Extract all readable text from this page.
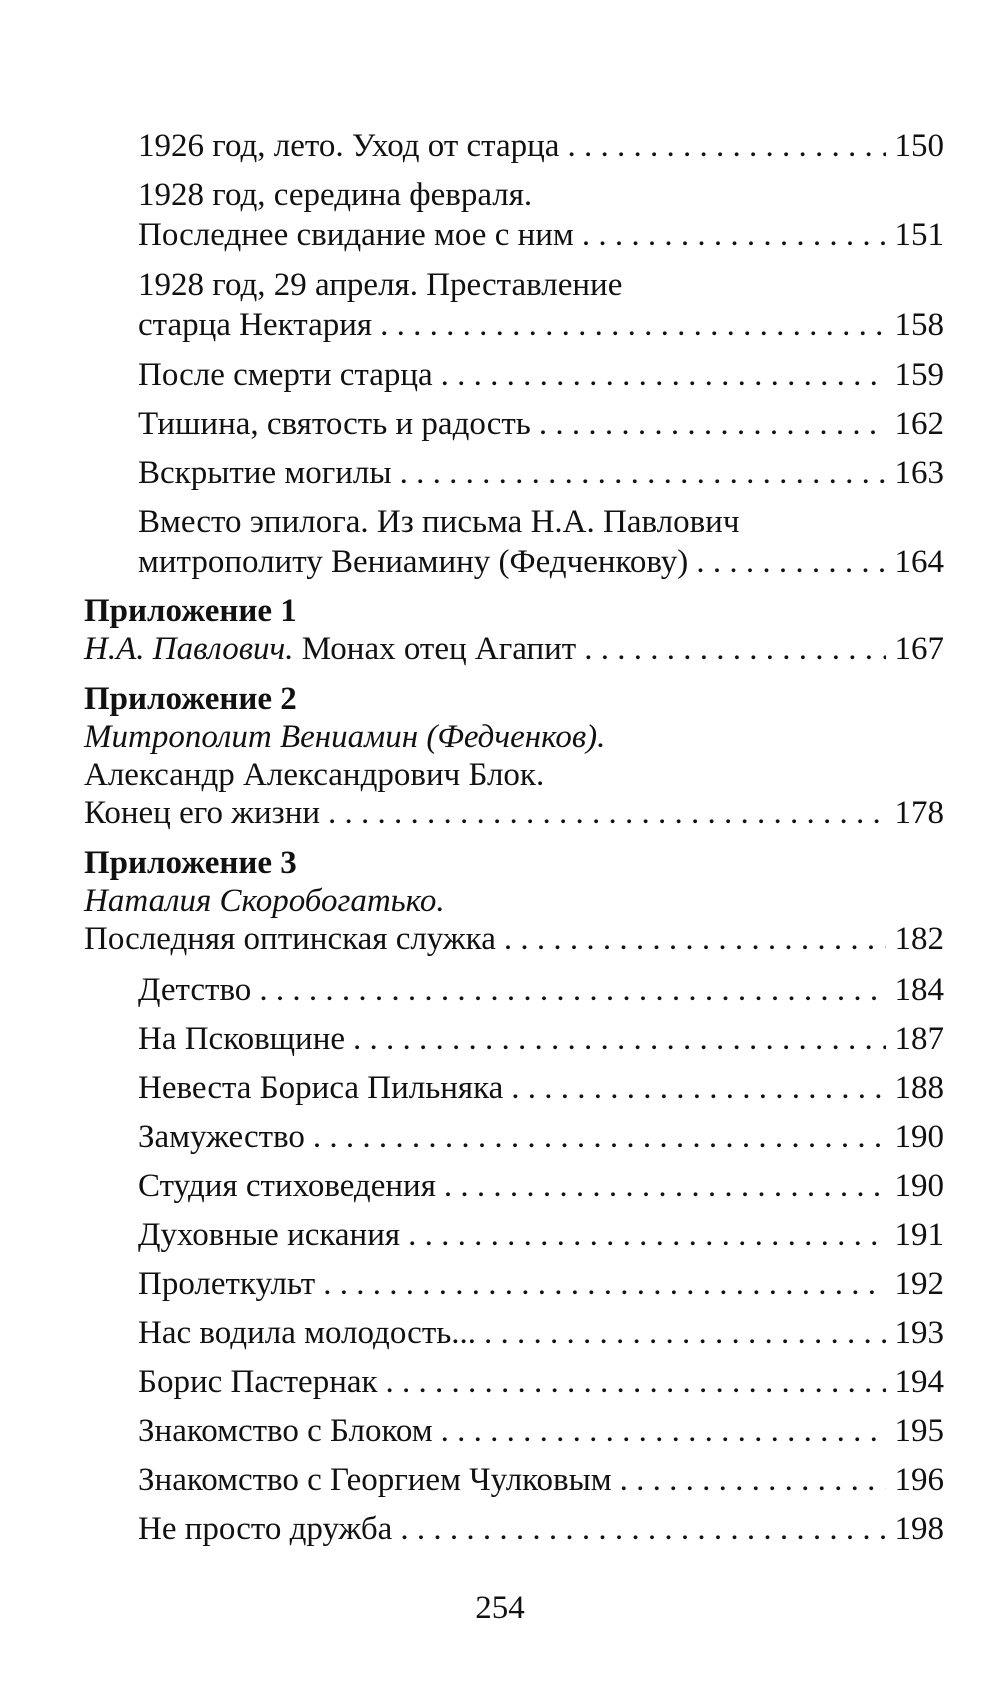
1926 год, лето. Уход от старца . . .	150
1928 год, середина февраля.
Последнее свидание мое с ним . . .	151
1928 год, 29 апреля. Преставление
старца Нектария . . .	158
После смерти старца . . .	159
Тишина, святость и радость . . .	162
Вскрытие могилы . . .	163
Вместо эпилога. Из письма Н.А. Павлович
митрополиту Вениамину (Федченкову) . . .	164
Приложение 1
Н.А. Павлович. Монах отец Агапит . . .	167
Приложение 2
Митрополит Вениамин (Федченков).
Александр Александрович Блок.
Конец его жизни . . .	178
Приложение 3
Наталия Скоробогатько.
Последняя оптинская служка . . .	182
Детство . . .	184
На Псковщине . . .	187
Невеста Бориса Пильняка . . .	188
Замужество . . .	190
Студия стиховедения . . .	190
Духовные искания . . .	191
Пролеткульт . . .	192
Нас водила молодость... . . .	193
Борис Пастернак . . .	194
Знакомство с Блоком . . .	195
Знакомство с Георгием Чулковым . . .	196
Не просто дружба . . .	198
254
